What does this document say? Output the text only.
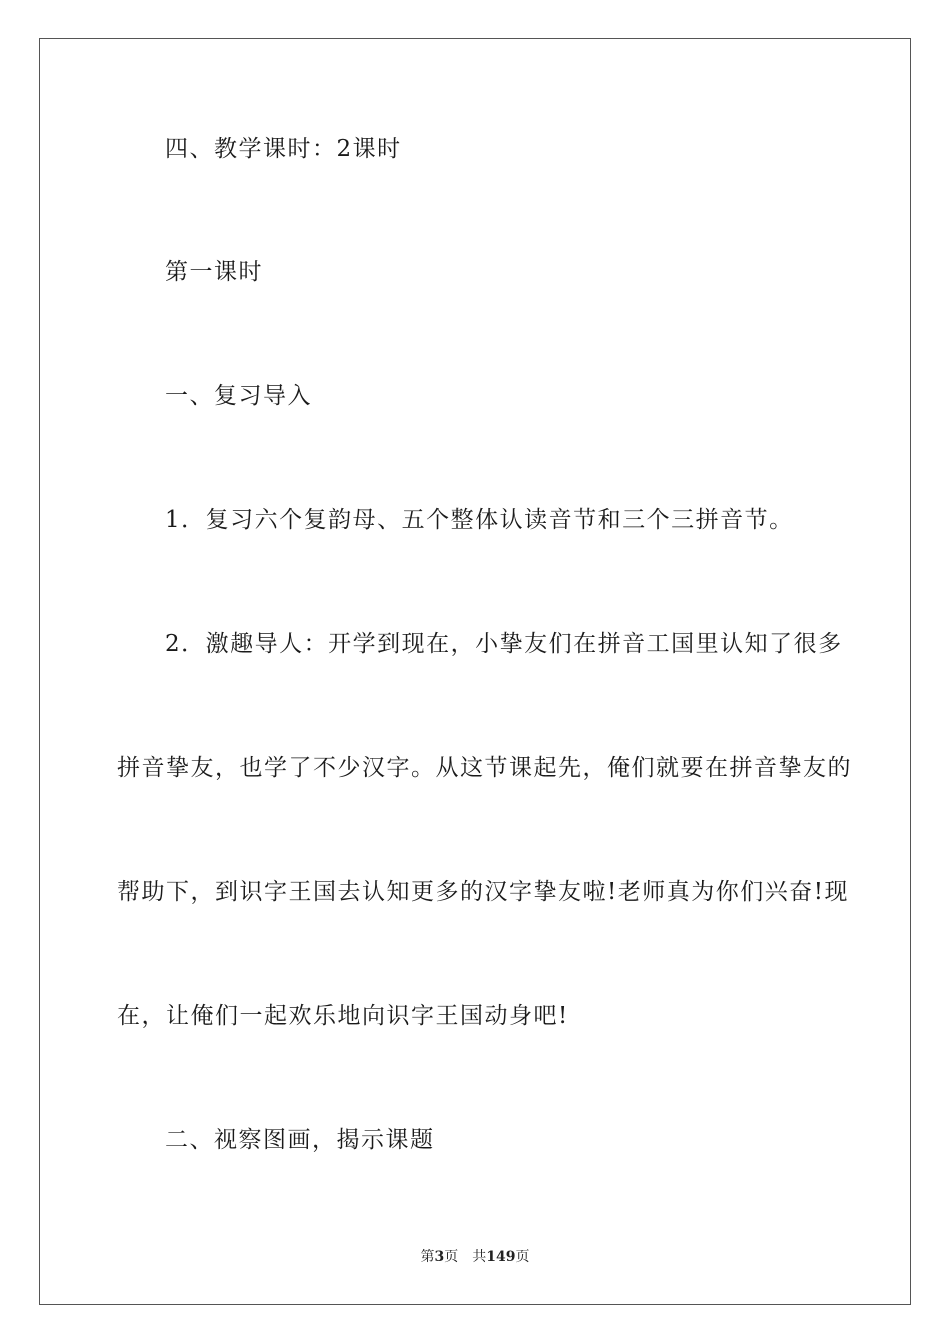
四、教学课时：2课时
第一课时
一、复习导入
1．复习六个复韵母、五个整体认读音节和三个三拼音节。
2．激趣导人：开学到现在，小挚友们在拼音工国里认知了很多
拼音挚友，也学了不少汉字。从这节课起先，俺们就要在拼音挚友的
帮助下，到识字王国去认知更多的汉字挚友啦!老师真为你们兴奋!现
在，让俺们一起欢乐地向识字王国动身吧!
二、视察图画，揭示课题
第3页 共149页
